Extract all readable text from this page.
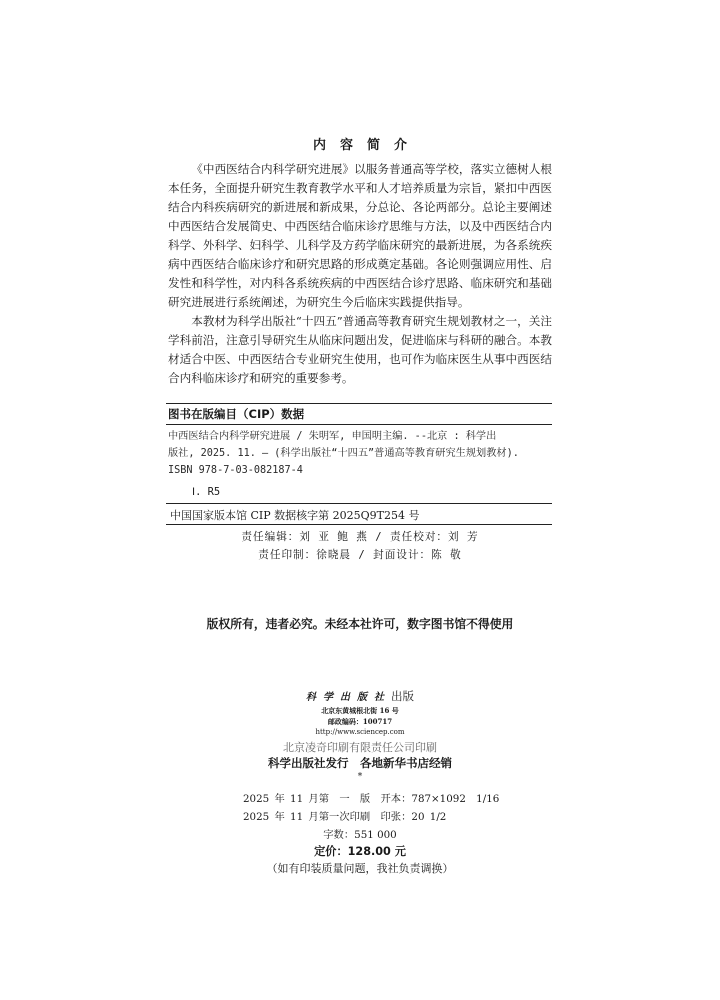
内容简介

《中西医结合内科学研究进展》以服务普通高等学校，落实立德树人根本任务，全面提升研究生教育教学水平和人才培养质量为宗旨，紧扣中西医结合内科疾病研究的新进展和新成果，分总论、各论两部分。总论主要阐述中西医结合发展简史、中西医结合临床诊疗思维与方法，以及中西医结合内科学、外科学、妇科学、儿科学及方药学临床研究的最新进展，为各系统疾病中西医结合临床诊疗和研究思路的形成奠定基础。各论则强调应用性、启发性和科学性，对内科各系统疾病的中西医结合诊疗思路、临床研究和基础研究进展进行系统阐述，为研究生今后临床实践提供指导。

本教材为科学出版社“十四五”普通高等教育研究生规划教材之一，关注学科前沿，注意引导研究生从临床问题出发，促进临床与科研的融合。本教材适合中医、中西医结合专业研究生使用，也可作为临床医生从事中西医结合内科临床诊疗和研究的重要参考。

图书在版编目（CIP）数据

中西医结合内科学研究进展 / 朱明军, 申国明主编. --北京 : 科学出

版社, 2025. 11. — (科学出版社“十四五”普通高等教育研究生规划教材).

ISBN 978-7-03-082187-4

Ⅰ. R5
中国国家版本馆 CIP 数据核字第 2025Q9T254 号
责任编辑：刘 亚 鲍 燕 / 责任校对：刘 芳
责任印制：徐晓晨 / 封面设计：陈 敬
版权所有，违者必究。未经本社许可，数字图书馆不得使用
科学出版社出版
北京东黄城根北街 16 号
邮政编码：100717
http://www.sciencep.com
北京凌奇印刷有限责任公司印刷
科学出版社发行　各地新华书店经销
*
2025 年 11 月第　一　版　开本：787×1092　1/16
2025 年 11 月第一次印刷　印张：20 1/2
字数：551 000
定价：128.00 元
（如有印装质量问题，我社负责调换）
